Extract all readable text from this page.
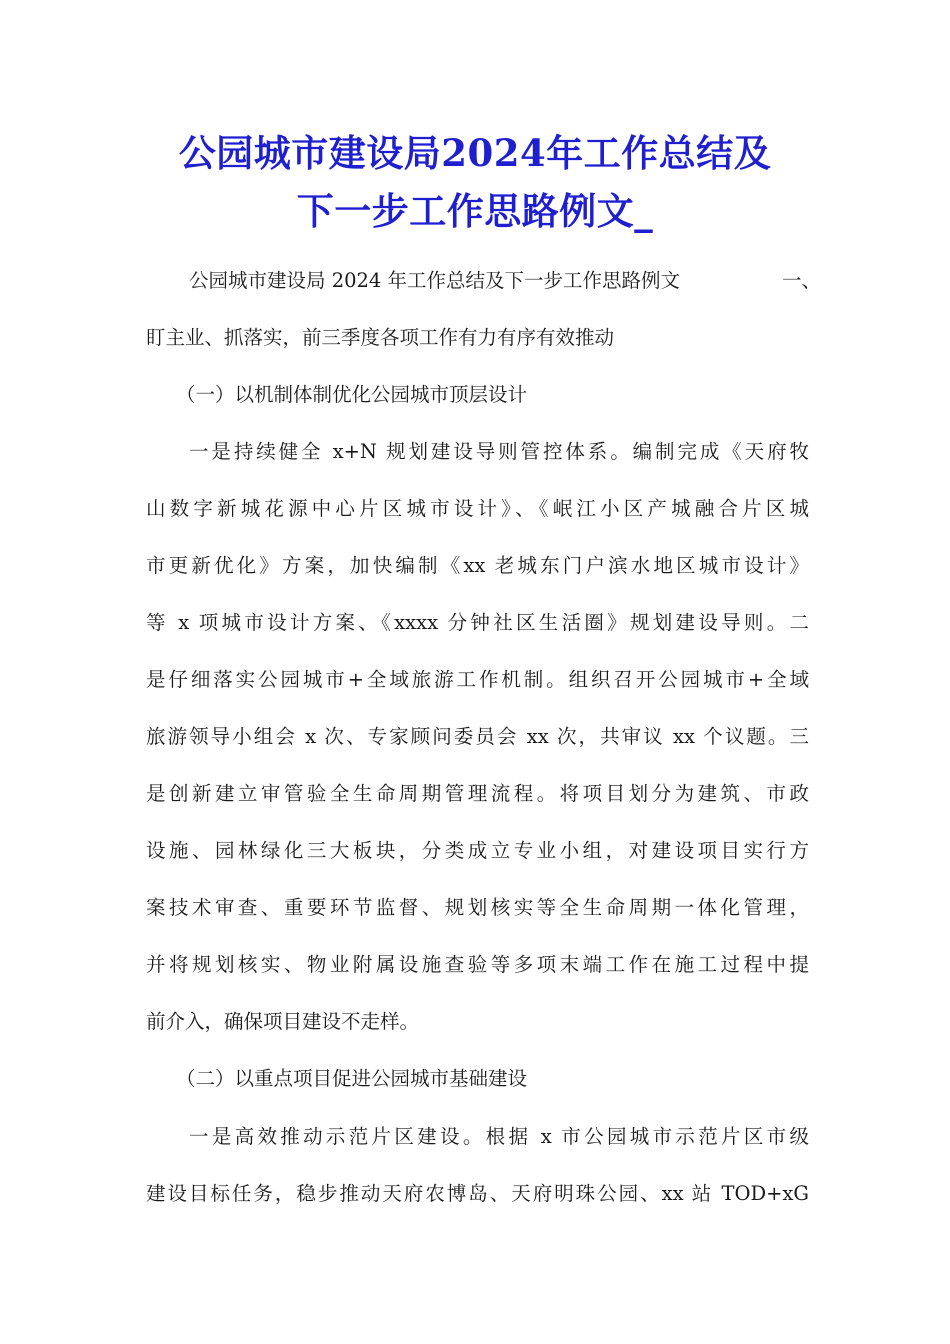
公园城市建设局2024年工作总结及
下一步工作思路例文_
公园城市建设局 2024 年工作总结及下一步工作思路例文	一、
盯主业、抓落实，前三季度各项工作有力有序有效推动
（一）以机制体制优化公园城市顶层设计
一是持续健全 x+N 规划建设导则管控体系。编制完成《天府牧
山数字新城花源中心片区城市设计》、《岷江小区产城融合片区城
市更新优化》方案，加快编制《xx 老城东门户滨水地区城市设计》
等 x 项城市设计方案、《xxxx 分钟社区生活圈》规划建设导则。二
是仔细落实公园城市+全域旅游工作机制。组织召开公园城市+全域
旅游领导小组会 x 次、专家顾问委员会 xx 次，共审议 xx 个议题。三
是创新建立审管验全生命周期管理流程。将项目划分为建筑、市政
设施、园林绿化三大板块，分类成立专业小组，对建设项目实行方
案技术审查、重要环节监督、规划核实等全生命周期一体化管理，
并将规划核实、物业附属设施查验等多项末端工作在施工过程中提
前介入，确保项目建设不走样。
（二）以重点项目促进公园城市基础建设
一是高效推动示范片区建设。根据 x 市公园城市示范片区市级
建设目标任务，稳步推动天府农博岛、天府明珠公园、xx 站 TOD+xG
